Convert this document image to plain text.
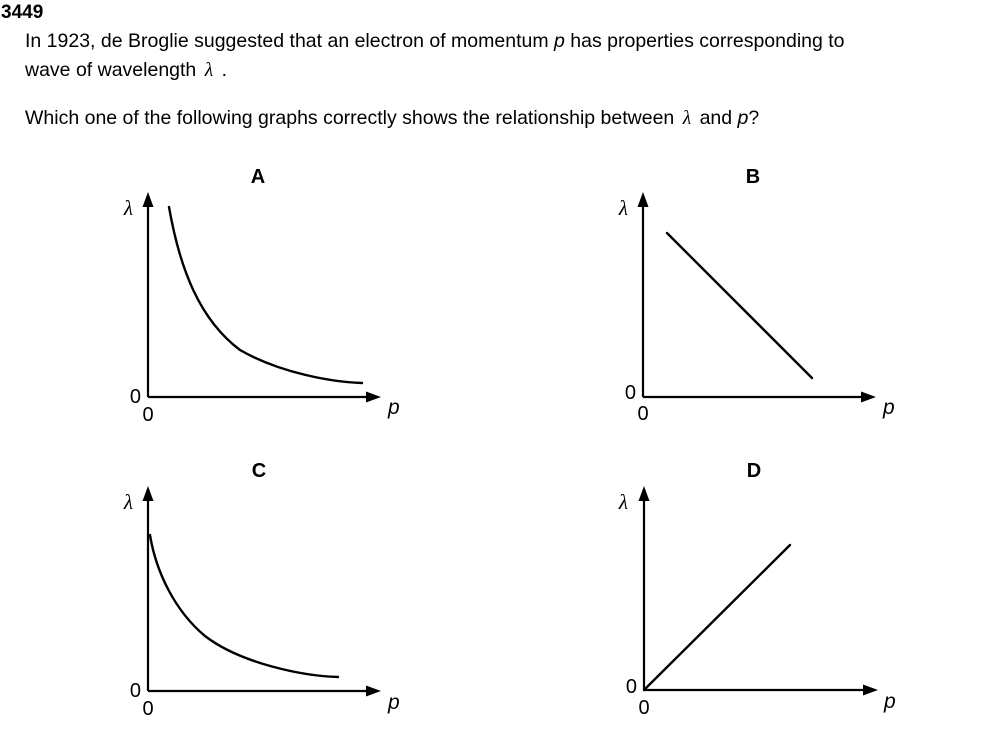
3449
In 1923, de Broglie suggested that an electron of momentum p has properties corresponding to
wave of wavelength λ .
Which one of the following graphs correctly shows the relationship between λ and p?
A
λ
0
0	p
B
λ
0
0	p
C
λ
0
0	p
D
λ
0
0	p
